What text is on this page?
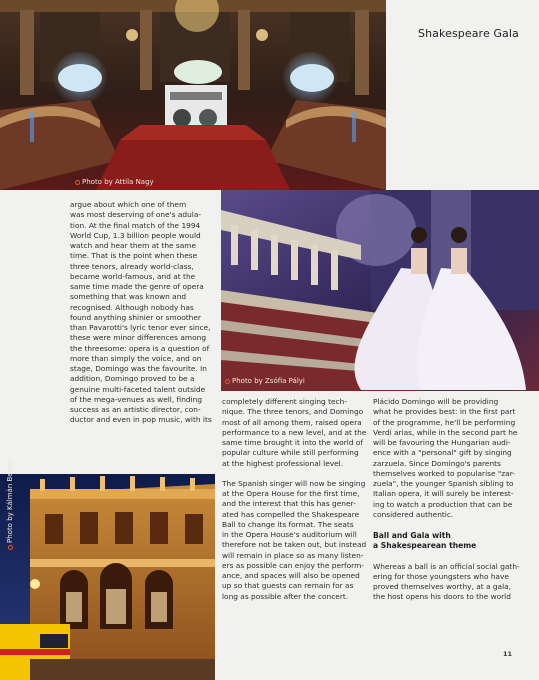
Photo by Attila Nagy
Shakespeare Gala
Photo by Zsófia Pályi
Photo by Kálmán Benny

argue about which one of them
was most deserving of one's adula-
tion. At the final match of the 1994
World Cup, 1.3 billion people would
watch and hear them at the same
time. That is the point when these
three tenors, already world-class,
became world-famous, and at the
same time made the genre of opera
something that was known and
recognised. Although nobody has
found anything shinier or smoother
than Pavarotti's lyric tenor ever since,
these were minor differences among
the threesome: opera is a question of
more than simply the voice, and on
stage, Domingo was the favourite. In
addition, Domingo proved to be a
genuine multi-faceted talent outside
of the mega-venues as well, finding
success as an artistic director, con-
ductor and even in pop music, with its

completely different singing tech-
nique. The three tenors, and Domingo
most of all among them, raised opera
performance to a new level, and at the
same time brought it into the world of
popular culture while still performing
at the highest professional level.

The Spanish singer will now be singing
at the Opera House for the first time,
and the interest that this has gener-
ated has compelled the Shakespeare
Ball to change its format. The seats
in the Opera House's auditorium will
therefore not be taken out, but instead
will remain in place so as many listen-
ers as possible can enjoy the perform-
ance, and spaces will also be opened
up so that guests can remain for as
long as possible after the concert.

Plácido Domingo will be providing
what he provides best: in the first part
of the programme, he'll be performing
Verdi arias, while in the second part he
will be favouring the Hungarian audi-
ence with a "personal" gift by singing
zarzuela. Since Domingo's parents
themselves worked to popularise "zar-
zuela", the younger Spanish sibling to
Italian opera, it will surely be interest-
ing to watch a production that can be
considered authentic.

Ball and Gala with
a Shakespearean theme

Whereas a ball is an official social gath-
ering for those youngsters who have
proved themselves worthy, at a gala,
the host opens his doors to the world

11
